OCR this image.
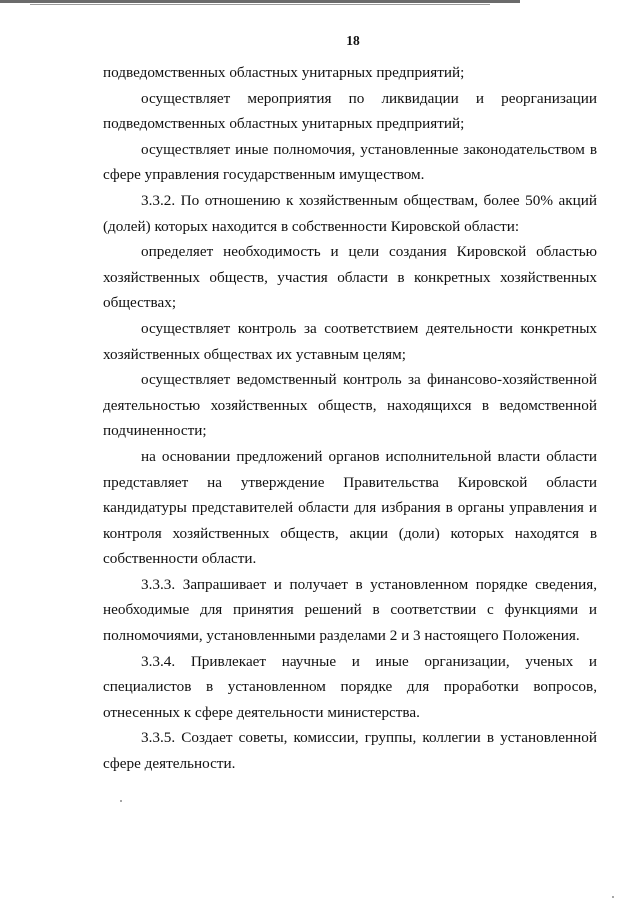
18

подведомственных областных унитарных предприятий;

осуществляет мероприятия по ликвидации и реорганизации подведомственных областных унитарных предприятий;

осуществляет иные полномочия, установленные законодательством в сфере управления государственным имуществом.

3.3.2. По отношению к хозяйственным обществам, более 50% акций (долей) которых находится в собственности Кировской области:

определяет необходимость и цели создания Кировской областью хозяйственных обществ, участия области в конкретных хозяйственных обществах;

осуществляет контроль за соответствием деятельности конкретных хозяйственных обществах их уставным целям;

осуществляет ведомственный контроль за финансово-хозяйственной деятельностью хозяйственных обществ, находящихся в ведомственной подчиненности;

на основании предложений органов исполнительной власти области представляет на утверждение Правительства Кировской области кандидатуры представителей области для избрания в органы управления и контроля хозяйственных обществ, акции (доли) которых находятся в собственности области.

3.3.3. Запрашивает и получает в установленном порядке сведения, необходимые для принятия решений в соответствии с функциями и полномочиями, установленными разделами 2 и 3 настоящего Положения.

3.3.4. Привлекает научные и иные организации, ученых и специалистов в установленном порядке для проработки вопросов, отнесенных к сфере деятельности министерства.

3.3.5. Создает советы, комиссии, группы, коллегии в установленной сфере деятельности.
